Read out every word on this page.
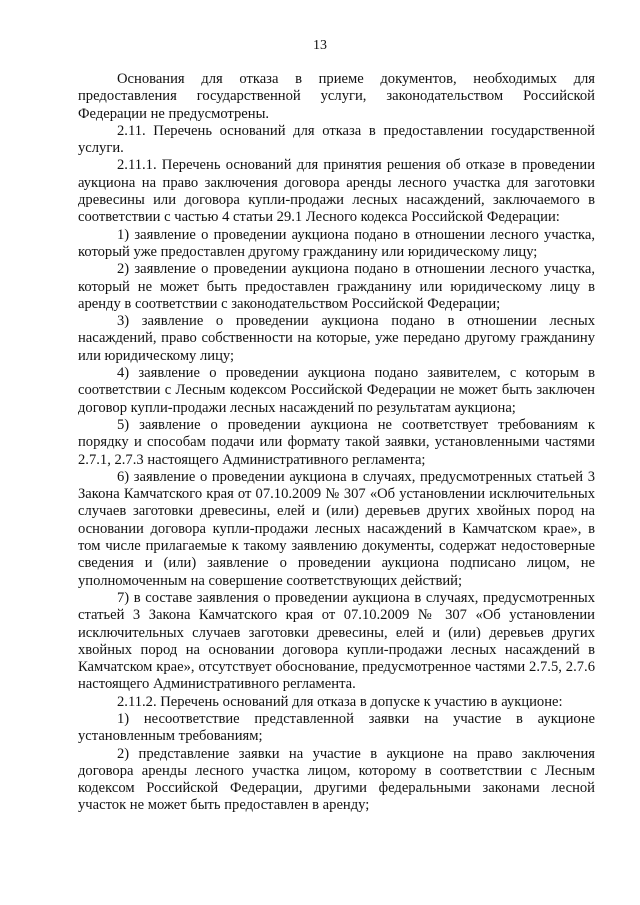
13

Основания для отказа в приеме документов, необходимых для предоставления государственной услуги, законодательством Российской Федерации не предусмотрены.

2.11. Перечень оснований для отказа в предоставлении государственной услуги.

2.11.1. Перечень оснований для принятия решения об отказе в проведении аукциона на право заключения договора аренды лесного участка для заготовки древесины или договора купли-продажи лесных насаждений, заключаемого в соответствии с частью 4 статьи 29.1 Лесного кодекса Российской Федерации:

1) заявление о проведении аукциона подано в отношении лесного участка, который уже предоставлен другому гражданину или юридическому лицу;

2) заявление о проведении аукциона подано в отношении лесного участка, который не может быть предоставлен гражданину или юридическому лицу в аренду в соответствии с законодательством Российской Федерации;

3) заявление о проведении аукциона подано в отношении лесных насаждений, право собственности на которые, уже передано другому гражданину или юридическому лицу;

4) заявление о проведении аукциона подано заявителем, с которым в соответствии с Лесным кодексом Российской Федерации не может быть заключен договор купли-продажи лесных насаждений по результатам аукциона;

5) заявление о проведении аукциона не соответствует требованиям к порядку и способам подачи или формату такой заявки, установленными частями 2.7.1, 2.7.3 настоящего Административного регламента;

6) заявление о проведении аукциона в случаях, предусмотренных статьей 3 Закона Камчатского края от 07.10.2009 № 307 «Об установлении исключительных случаев заготовки древесины, елей и (или) деревьев других хвойных пород на основании договора купли-продажи лесных насаждений в Камчатском крае», в том числе прилагаемые к такому заявлению документы, содержат недостоверные сведения и (или) заявление о проведении аукциона подписано лицом, не уполномоченным на совершение соответствующих действий;

7) в составе заявления о проведении аукциона в случаях, предусмотренных статьей 3 Закона Камчатского края от 07.10.2009 № 307 «Об установлении исключительных случаев заготовки древесины, елей и (или) деревьев других хвойных пород на основании договора купли-продажи лесных насаждений в Камчатском крае», отсутствует обоснование, предусмотренное частями 2.7.5, 2.7.6 настоящего Административного регламента.

2.11.2. Перечень оснований для отказа в допуске к участию в аукционе:

1) несоответствие представленной заявки на участие в аукционе установленным требованиям;

2) представление заявки на участие в аукционе на право заключения договора аренды лесного участка лицом, которому в соответствии с Лесным кодексом Российской Федерации, другими федеральными законами лесной участок не может быть предоставлен в аренду;
